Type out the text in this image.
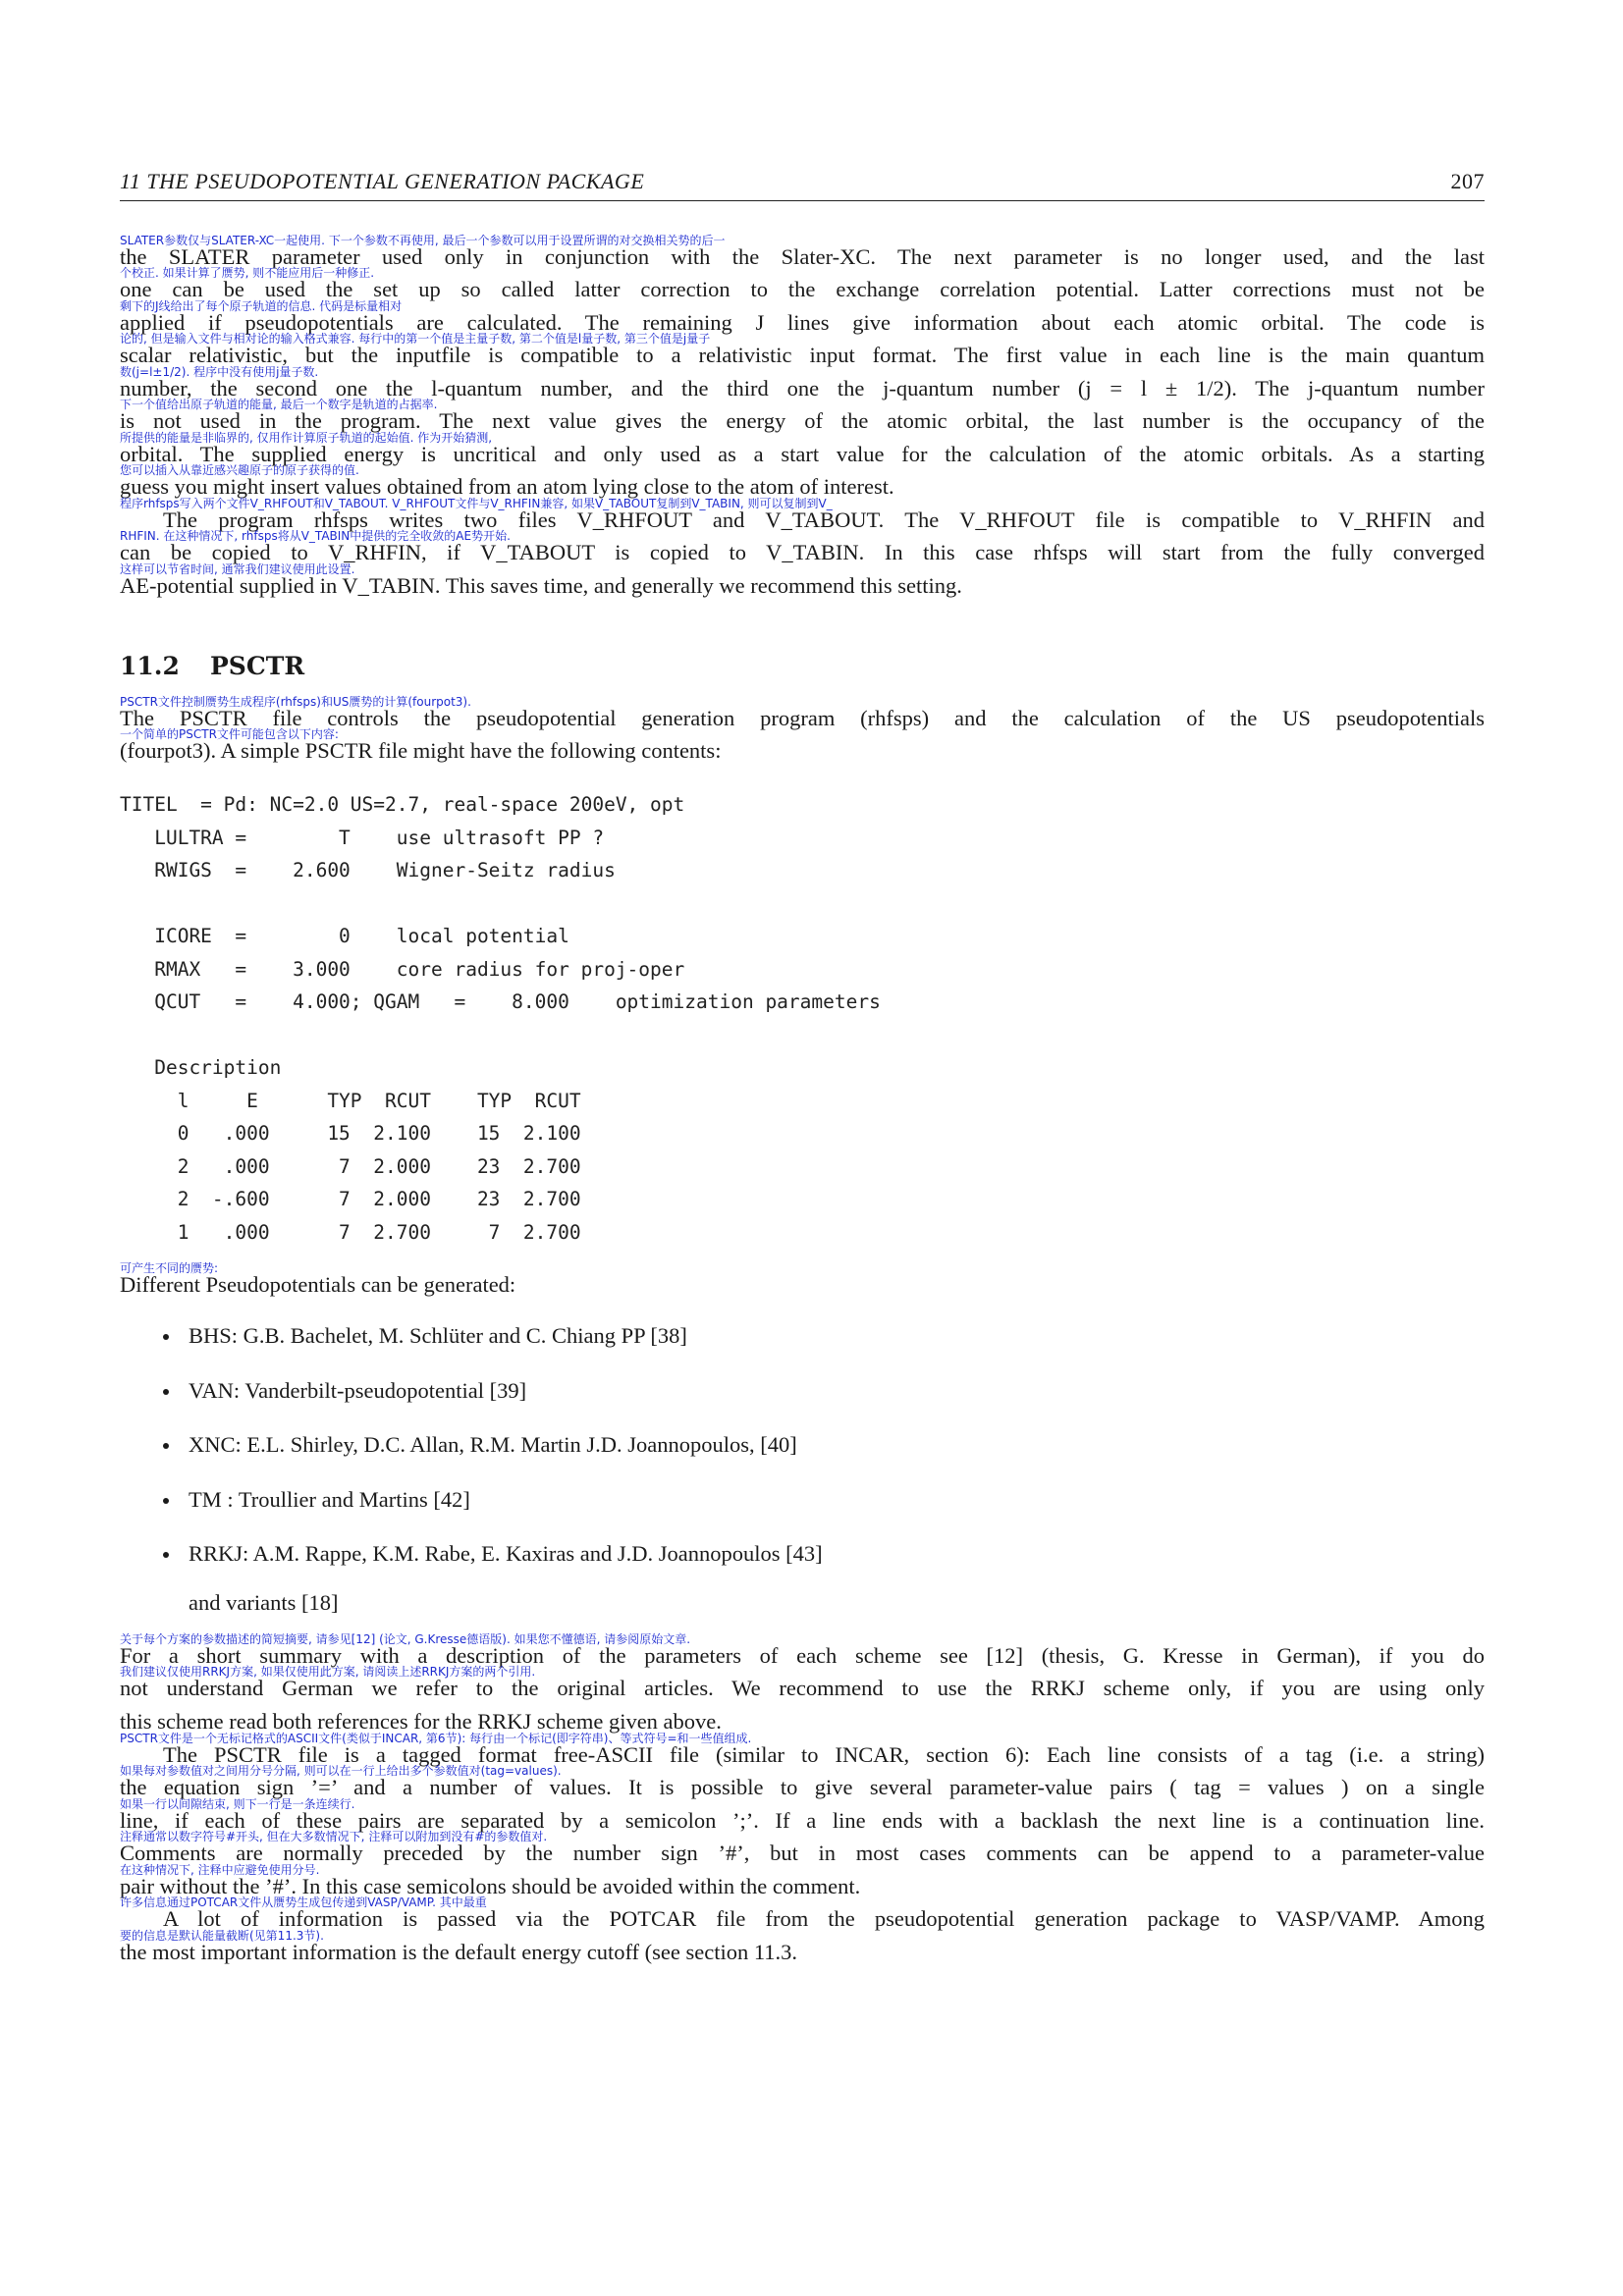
11 THE PSEUDOPOTENTIAL GENERATION PACKAGE	207
SLATER参数仅与SLATER-XC一起使用. 下一个参数不再使用, 最后一个参数可以用于设置所谓的对交换相关势的后一
the SLATER parameter used only in conjunction with the Slater-XC. The next parameter is no longer used, and the last
个校正. 如果计算了赝势, 则不能应用后一种修正.
one can be used the set up so called latter correction to the exchange correlation potential. Latter corrections must not be
剩下的J线给出了每个原子轨道的信息. 代码是标量相对
applied if pseudopotentials are calculated. The remaining J lines give information about each atomic orbital. The code is
论的, 但是输入文件与相对论的输入格式兼容. 每行中的第一个值是主量子数, 第二个值是l量子数, 第三个值是j量子
scalar relativistic, but the inputfile is compatible to a relativistic input format. The first value in each line is the main quantum
数(j=l±1/2). 程序中没有使用j量子数.
number, the second one the l-quantum number, and the third one the j-quantum number (j = l ± 1/2). The j-quantum number
下一个值给出原子轨道的能量, 最后一个数字是轨道的占据率.
is not used in the program. The next value gives the energy of the atomic orbital, the last number is the occupancy of the
所提供的能量是非临界的, 仅用作计算原子轨道的起始值. 作为开始猜测,
orbital. The supplied energy is uncritical and only used as a start value for the calculation of the atomic orbitals. As a starting
您可以插入从靠近感兴趣原子的原子获得的值.
guess you might insert values obtained from an atom lying close to the atom of interest.
程序rhfsps写入两个文件V_RHFOUT和V_TABOUT. V_RHFOUT文件与V_RHFIN兼容, 如果V_TABOUT复制到V_TABIN, 则可以复制到V_
The program rhfsps writes two files V_RHFOUT and V_TABOUT. The V_RHFOUT file is compatible to V_RHFIN and
RHFIN. 在这种情况下, rhfsps将从V_TABIN中提供的完全收敛的AE势开始.
can be copied to V_RHFIN, if V_TABOUT is copied to V_TABIN. In this case rhfsps will start from the fully converged
这样可以节省时间, 通常我们建议使用此设置.
AE-potential supplied in V_TABIN. This saves time, and generally we recommend this setting.
11.2 PSCTR
PSCTR文件控制赝势生成程序(rhfsps)和US赝势的计算(fourpot3).
The PSCTR file controls the pseudopotential generation program (rhfsps) and the calculation of the US pseudopotentials
一个简单的PSCTR文件可能包含以下内容:
(fourpot3). A simple PSCTR file might have the following contents:
TITEL  = Pd: NC=2.0 US=2.7, real-space 200eV, opt
LULTRA =        T    use ultrasoft PP ?
RWIGS  =    2.600    Wigner-Seitz radius

ICORE  =        0    local potential
RMAX   =    3.000    core radius for proj-oper
QCUT   =    4.000; QGAM   =    8.000    optimization parameters

Description
l     E      TYP  RCUT    TYP  RCUT
0   .000     15  2.100    15  2.100
2   .000      7  2.000    23  2.700
2  -.600      7  2.000    23  2.700
1   .000      7  2.700     7  2.700
可产生不同的赝势:
Different Pseudopotentials can be generated:
BHS: G.B. Bachelet, M. Schlüter and C. Chiang PP [38]
VAN: Vanderbilt-pseudopotential [39]
XNC: E.L. Shirley, D.C. Allan, R.M. Martin J.D. Joannopoulos, [40]
TM : Troullier and Martins [42]
RRKJ: A.M. Rappe, K.M. Rabe, E. Kaxiras and J.D. Joannopoulos [43]
and variants [18]
关于每个方案的参数描述的简短摘要, 请参见[12] (论文, G.Kresse德语版). 如果您不懂德语, 请参阅原始文章.
For a short summary with a description of the parameters of each scheme see [12] (thesis, G. Kresse in German), if you do
我们建议仅使用RRKJ方案, 如果仅使用此方案, 请阅读上述RRKJ方案的两个引用.
not understand German we refer to the original articles. We recommend to use the RRKJ scheme only, if you are using only
this scheme read both references for the RRKJ scheme given above.
PSCTR文件是一个无标记格式的ASCII文件(类似于INCAR, 第6节): 每行由一个标记(即字符串)、等式符号=和一些值组成.
The PSCTR file is a tagged format free-ASCII file (similar to INCAR, section 6): Each line consists of a tag (i.e. a string)
如果每对参数值对之间用分号分隔, 则可以在一行上给出多个参数值对(tag=values).
the equation sign ’=’ and a number of values. It is possible to give several parameter-value pairs ( tag = values ) on a single
如果一行以间隙结束, 则下一行是一条连续行.
line, if each of these pairs are separated by a semicolon ’;’. If a line ends with a backlash the next line is a continuation line.
注释通常以数字符号#开头, 但在大多数情况下, 注释可以附加到没有#的参数值对.
Comments are normally preceded by the number sign ’#’, but in most cases comments can be append to a parameter-value
在这种情况下, 注释中应避免使用分号.
pair without the ’#’. In this case semicolons should be avoided within the comment.
许多信息通过POTCAR文件从赝势生成包传递到VASP/VAMP. 其中最重
A lot of information is passed via the POTCAR file from the pseudopotential generation package to VASP/VAMP. Among
要的信息是默认能量截断(见第11.3节).
the most important information is the default energy cutoff (see section 11.3.
